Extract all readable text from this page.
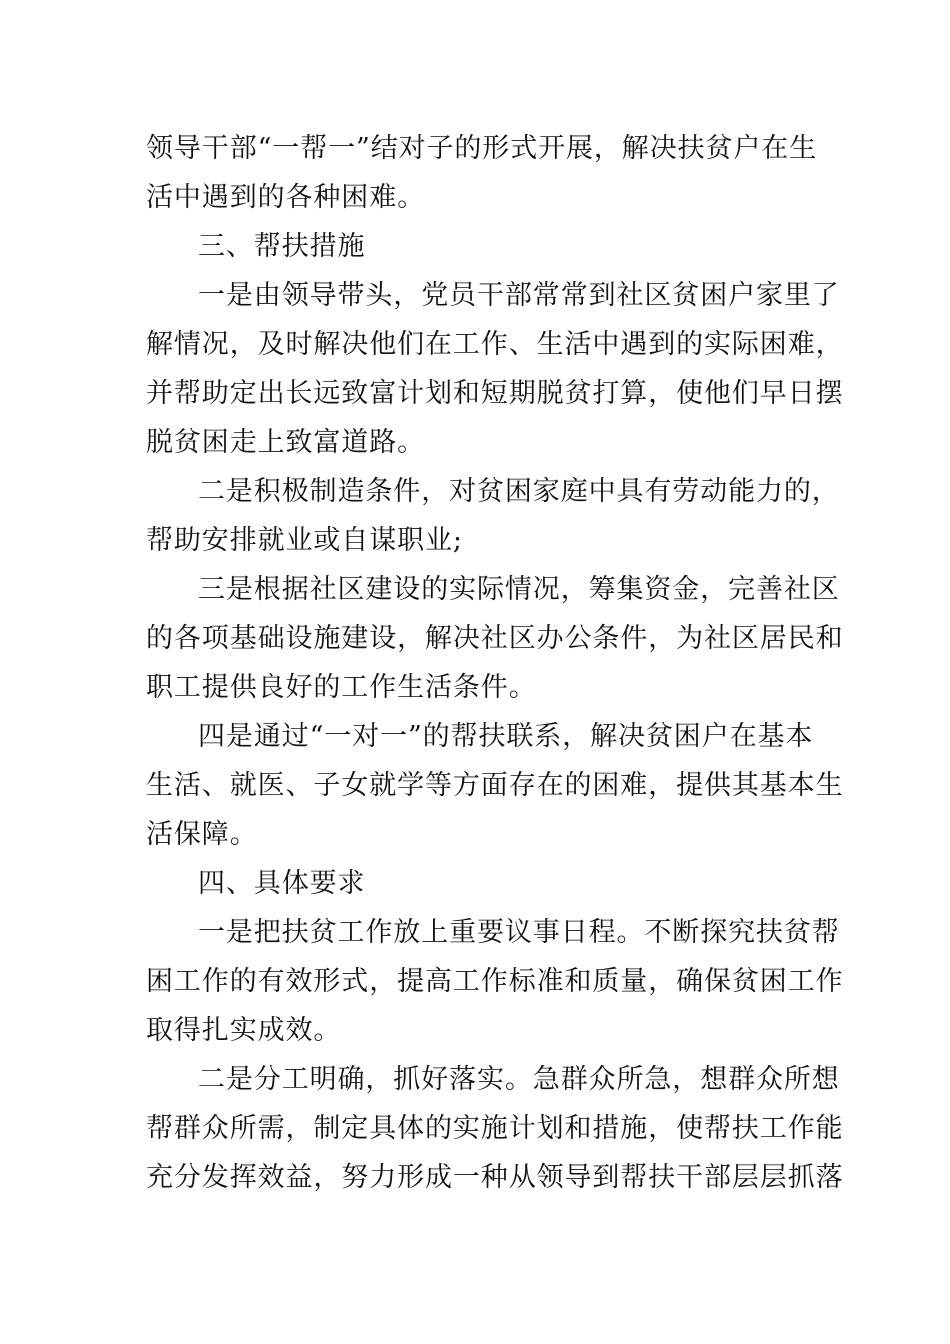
领导干部“一帮一”结对子的形式开展，解决扶贫户在生
活中遇到的各种困难。
三、帮扶措施
一是由领导带头，党员干部常常到社区贫困户家里了
解情况，及时解决他们在工作、生活中遇到的实际困难，
并帮助定出长远致富计划和短期脱贫打算，使他们早日摆
脱贫困走上致富道路。
二是积极制造条件，对贫困家庭中具有劳动能力的，
帮助安排就业或自谋职业;
三是根据社区建设的实际情况，筹集资金，完善社区
的各项基础设施建设，解决社区办公条件，为社区居民和
职工提供良好的工作生活条件。
四是通过“一对一”的帮扶联系，解决贫困户在基本
生活、就医、子女就学等方面存在的困难，提供其基本生
活保障。
四、具体要求
一是把扶贫工作放上重要议事日程。不断探究扶贫帮
困工作的有效形式，提高工作标准和质量，确保贫困工作
取得扎实成效。
二是分工明确，抓好落实。急群众所急，想群众所想
帮群众所需，制定具体的实施计划和措施，使帮扶工作能
充分发挥效益，努力形成一种从领导到帮扶干部层层抓落
